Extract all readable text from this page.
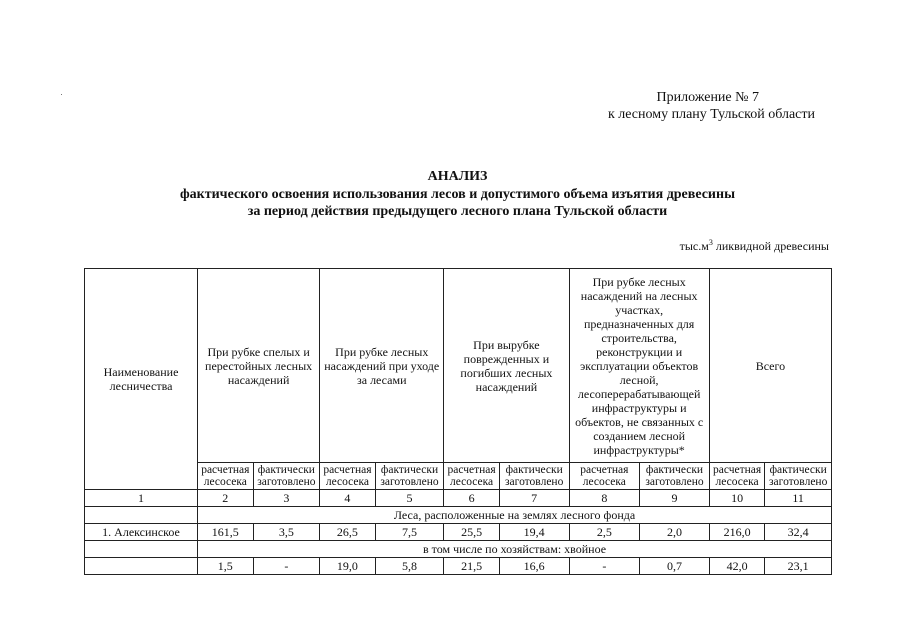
Приложение № 7
к лесному плану Тульской области
АНАЛИЗ
фактического освоения использования лесов и допустимого объема изъятия древесины
за период действия предыдущего лесного плана Тульской области
$тыс.м^3$ ликвидной древесины
Наименование лесничества	При рубке спелых и перестойных лесных насаждений		При рубке лесных насаждений при уходе за лесами		При вырубке поврежденных и погибших лесных насаждений		При рубке лесных насаждений на лесных участках, предназначенных для строительства, реконструкции и эксплуатации объектов лесной, лесоперерабатывающей инфраструктуры и объектов, не связанных с созданием лесной инфраструктуры*		Всего	
	расчетная лесосека	фактически заготовлено	расчетная лесосека	фактически заготовлено	расчетная лесосека	фактически заготовлено	расчетная лесосека	фактически заготовлено	расчетная лесосека	фактически заготовлено
1	2	3	4	5	6	7	8	9	10	11
	Леса, расположенные на землях лесного фонда									
1. Алексинское	161,5	3,5	26,5	7,5	25,5	19,4	2,5	2,0	216,0	32,4
	в том числе по хозяйствам: хвойное									
	1,5	-	19,0	5,8	21,5	16,6	-	0,7	42,0	23,1
